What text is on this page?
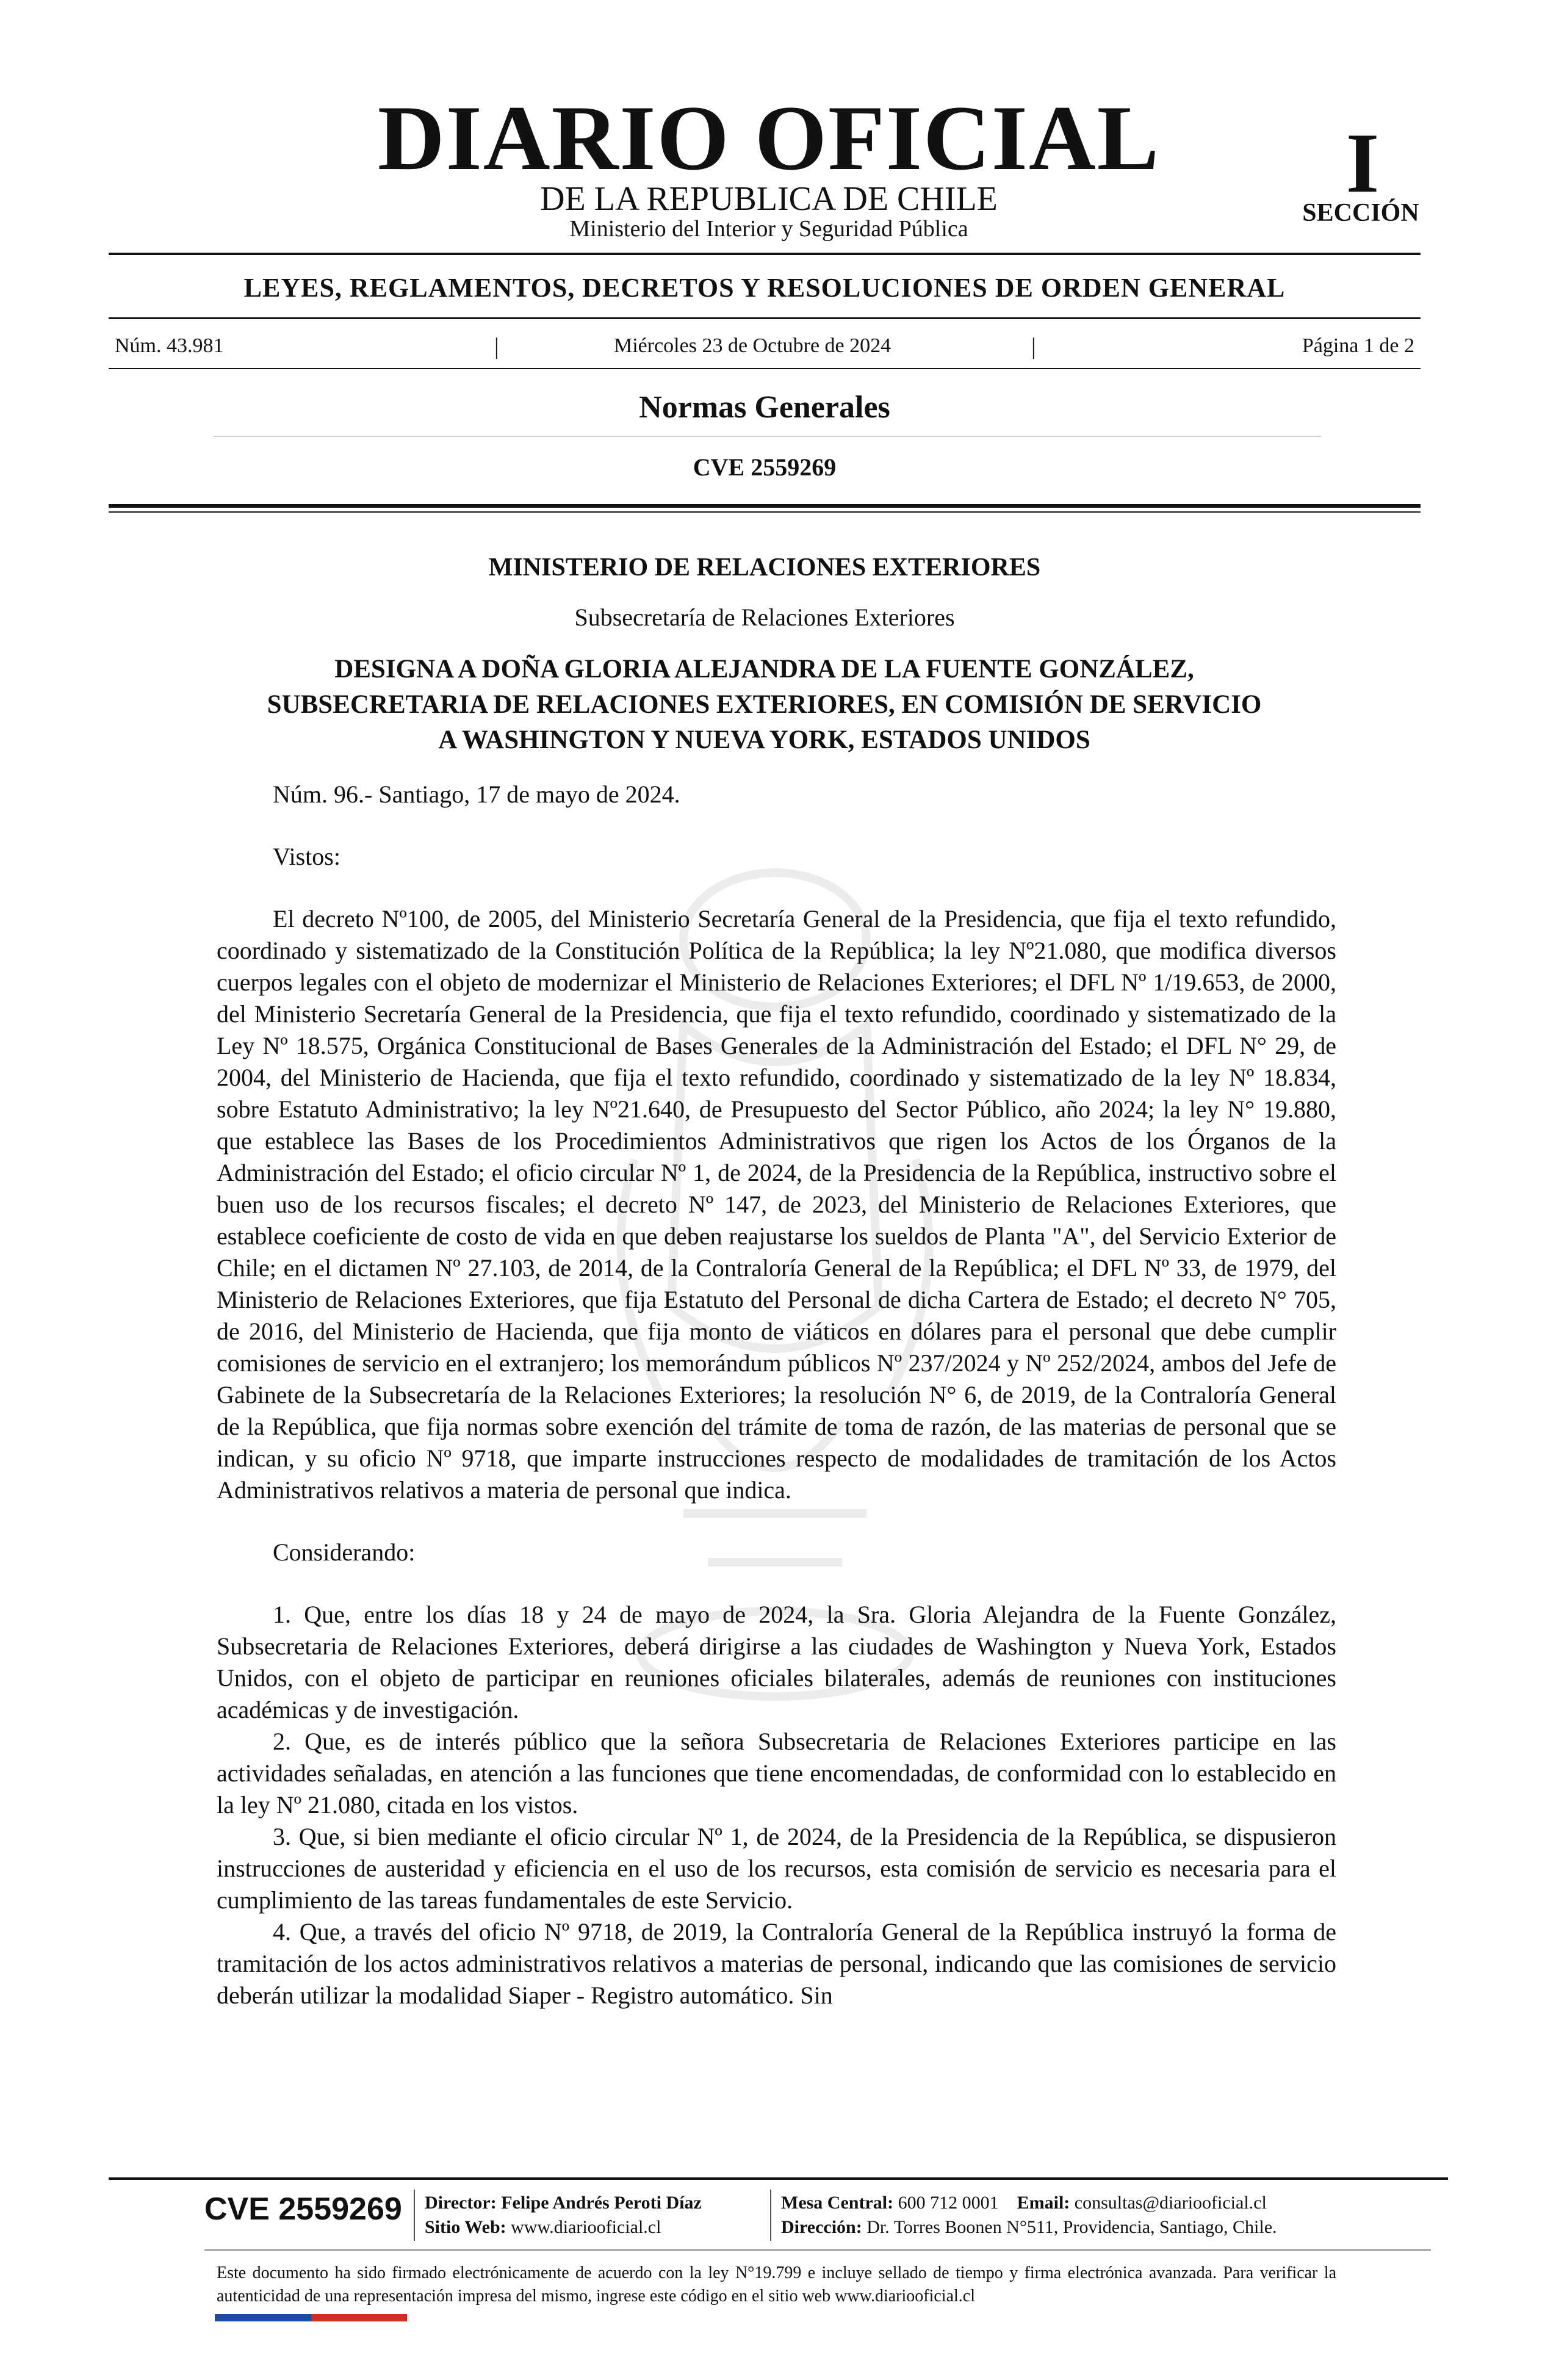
DIARIO OFICIAL
DE LA REPUBLICA DE CHILE
Ministerio del Interior y Seguridad Pública
I
SECCIÓN
LEYES, REGLAMENTOS, DECRETOS Y RESOLUCIONES DE ORDEN GENERAL
Núm. 43.981	|	Miércoles 23 de Octubre de 2024	|	Página 1 de 2
Normas Generales
CVE 2559269
MINISTERIO DE RELACIONES EXTERIORES
Subsecretaría de Relaciones Exteriores
DESIGNA A DOÑA GLORIA ALEJANDRA DE LA FUENTE GONZÁLEZ,
SUBSECRETARIA DE RELACIONES EXTERIORES, EN COMISIÓN DE SERVICIO
A WASHINGTON Y NUEVA YORK, ESTADOS UNIDOS

Núm. 96.- Santiago, 17 de mayo de 2024.

Vistos:

El decreto Nº100, de 2005, del Ministerio Secretaría General de la Presidencia, que fija el texto refundido, coordinado y sistematizado de la Constitución Política de la República; la ley Nº21.080, que modifica diversos cuerpos legales con el objeto de modernizar el Ministerio de Relaciones Exteriores; el DFL Nº 1/19.653, de 2000, del Ministerio Secretaría General de la Presidencia, que fija el texto refundido, coordinado y sistematizado de la Ley Nº 18.575, Orgánica Constitucional de Bases Generales de la Administración del Estado; el DFL N° 29, de 2004, del Ministerio de Hacienda, que fija el texto refundido, coordinado y sistematizado de la ley Nº 18.834, sobre Estatuto Administrativo; la ley Nº21.640, de Presupuesto del Sector Público, año 2024; la ley N° 19.880, que establece las Bases de los Procedimientos Administrativos que rigen los Actos de los Órganos de la Administración del Estado; el oficio circular Nº 1, de 2024, de la Presidencia de la República, instructivo sobre el buen uso de los recursos fiscales; el decreto Nº 147, de 2023, del Ministerio de Relaciones Exteriores, que establece coeficiente de costo de vida en que deben reajustarse los sueldos de Planta "A", del Servicio Exterior de Chile; en el dictamen Nº 27.103, de 2014, de la Contraloría General de la República; el DFL Nº 33, de 1979, del Ministerio de Relaciones Exteriores, que fija Estatuto del Personal de dicha Cartera de Estado; el decreto N° 705, de 2016, del Ministerio de Hacienda, que fija monto de viáticos en dólares para el personal que debe cumplir comisiones de servicio en el extranjero; los memorándum públicos Nº 237/2024 y Nº 252/2024, ambos del Jefe de Gabinete de la Subsecretaría de la Relaciones Exteriores; la resolución N° 6, de 2019, de la Contraloría General de la República, que fija normas sobre exención del trámite de toma de razón, de las materias de personal que se indican, y su oficio Nº 9718, que imparte instrucciones respecto de modalidades de tramitación de los Actos Administrativos relativos a materia de personal que indica.

Considerando:

1. Que, entre los días 18 y 24 de mayo de 2024, la Sra. Gloria Alejandra de la Fuente González, Subsecretaria de Relaciones Exteriores, deberá dirigirse a las ciudades de Washington y Nueva York, Estados Unidos, con el objeto de participar en reuniones oficiales bilaterales, además de reuniones con instituciones académicas y de investigación.

2. Que, es de interés público que la señora Subsecretaria de Relaciones Exteriores participe en las actividades señaladas, en atención a las funciones que tiene encomendadas, de conformidad con lo establecido en la ley Nº 21.080, citada en los vistos.

3. Que, si bien mediante el oficio circular Nº 1, de 2024, de la Presidencia de la República, se dispusieron instrucciones de austeridad y eficiencia en el uso de los recursos, esta comisión de servicio es necesaria para el cumplimiento de las tareas fundamentales de este Servicio.

4. Que, a través del oficio Nº 9718, de 2019, la Contraloría General de la República instruyó la forma de tramitación de los actos administrativos relativos a materias de personal, indicando que las comisiones de servicio deberán utilizar la modalidad Siaper - Registro automático. Sin

CVE 2559269 Director: Felipe Andrés Peroti Díaz
Sitio Web: www.diariooficial.cl
Mesa Central: 600 712 0001 Email: consultas@diariooficial.cl
Dirección: Dr. Torres Boonen N°511, Providencia, Santiago, Chile.
Este documento ha sido firmado electrónicamente de acuerdo con la ley N°19.799 e incluye sellado de tiempo y firma electrónica avanzada. Para verificar la autenticidad de una representación impresa del mismo, ingrese este código en el sitio web www.diariooficial.cl
